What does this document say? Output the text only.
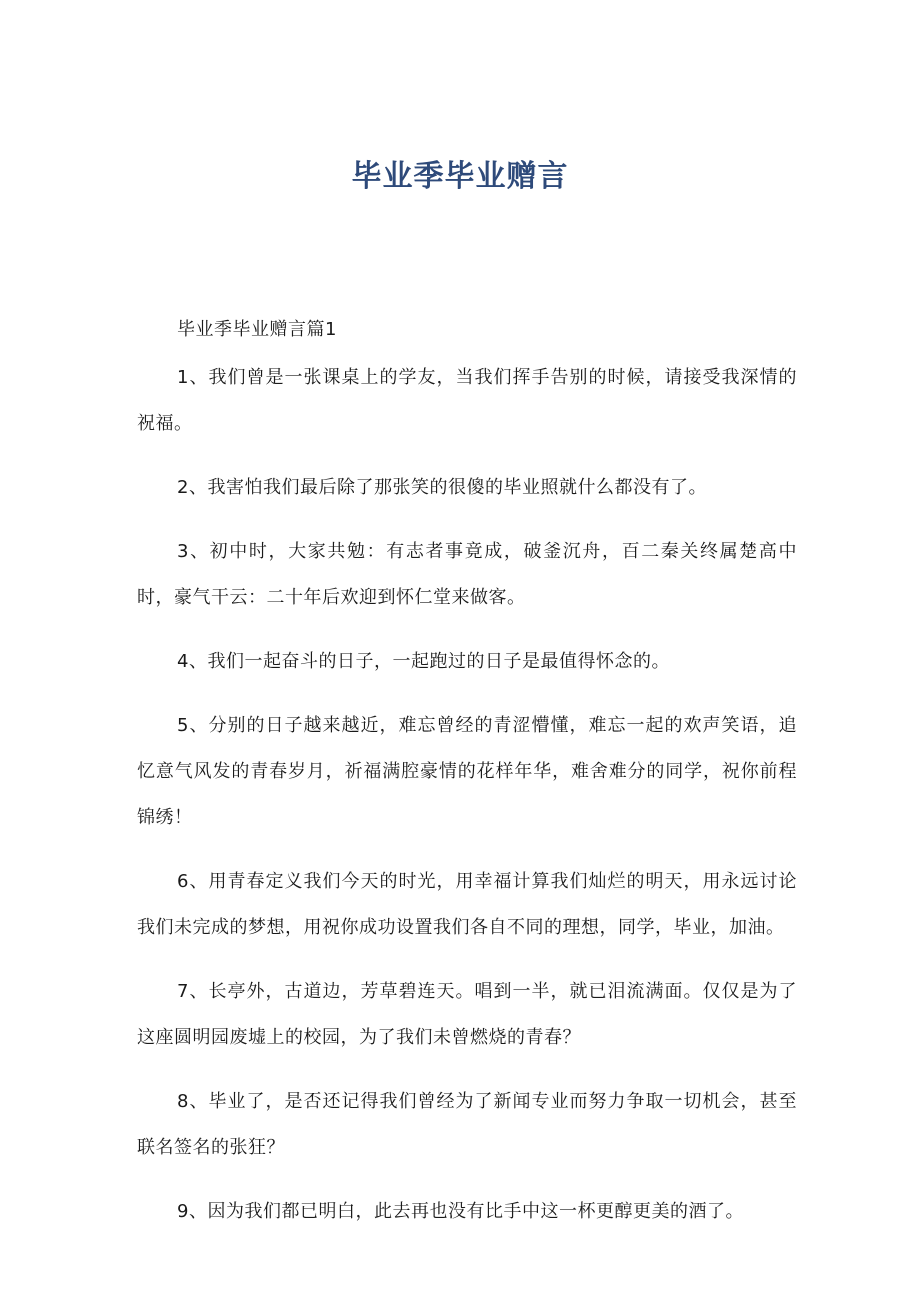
毕业季毕业赠言

毕业季毕业赠言篇1

1、我们曾是一张课桌上的学友，当我们挥手告别的时候，请接受我深情的祝福。

2、我害怕我们最后除了那张笑的很傻的毕业照就什么都没有了。

3、初中时，大家共勉：有志者事竟成，破釜沉舟，百二秦关终属楚高中时，豪气干云：二十年后欢迎到怀仁堂来做客。

4、我们一起奋斗的日子，一起跑过的日子是最值得怀念的。

5、分别的日子越来越近，难忘曾经的青涩懵懂，难忘一起的欢声笑语，追忆意气风发的青春岁月，祈福满腔豪情的花样年华，难舍难分的同学，祝你前程锦绣！

6、用青春定义我们今天的时光，用幸福计算我们灿烂的明天，用永远讨论我们未完成的梦想，用祝你成功设置我们各自不同的理想，同学，毕业，加油。

7、长亭外，古道边，芳草碧连天。唱到一半，就已泪流满面。仅仅是为了这座圆明园废墟上的校园，为了我们未曾燃烧的青春？

8、毕业了，是否还记得我们曾经为了新闻专业而努力争取一切机会，甚至联名签名的张狂？

9、因为我们都已明白，此去再也没有比手中这一杯更醇更美的酒了。
